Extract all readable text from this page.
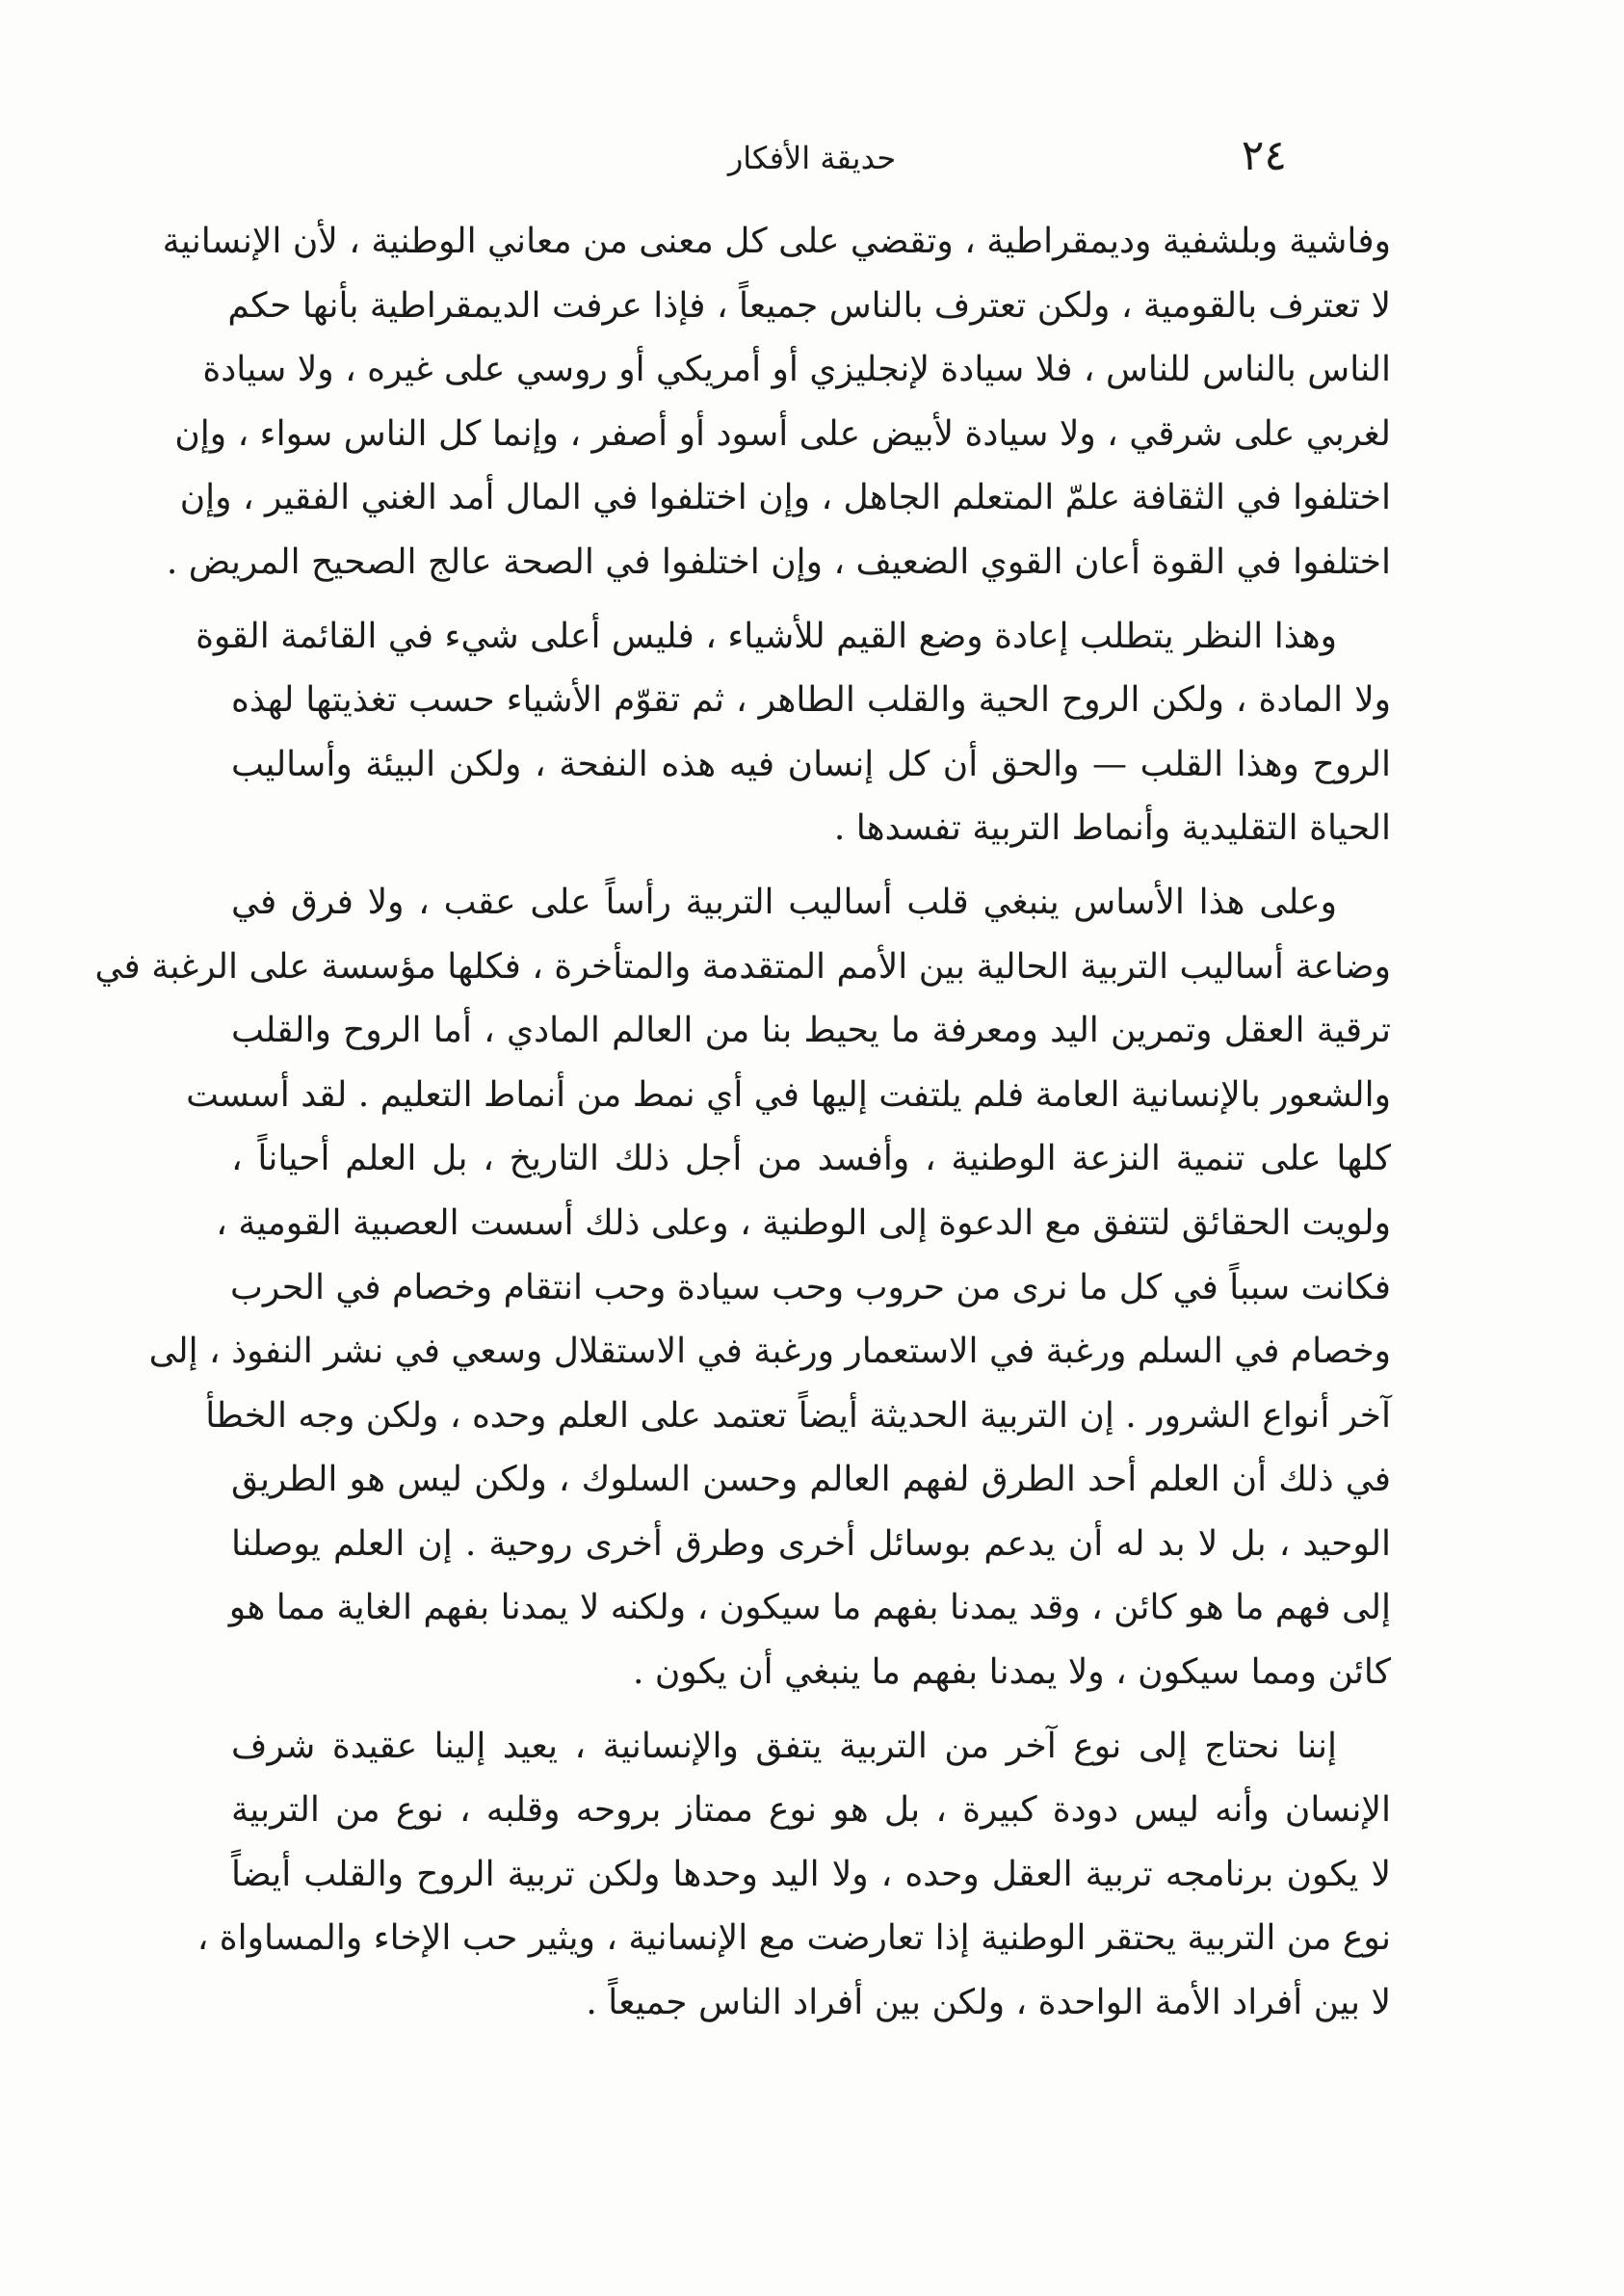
٢٤
حديقة الأفكار

وفاشية وبلشفية وديمقراطية ، وتقضي على كل معنى من معاني الوطنية ، لأن الإنسانية
لا تعترف بالقومية ، ولكن تعترف بالناس جميعاً ، فإذا عرفت الديمقراطية بأنها حكم
الناس بالناس للناس ، فلا سيادة لإنجليزي أو أمريكي أو روسي على غيره ، ولا سيادة
لغربي على شرقي ، ولا سيادة لأبيض على أسود أو أصفر ، وإنما كل الناس سواء ، وإن
اختلفوا في الثقافة علمّ المتعلم الجاهل ، وإن اختلفوا في المال أمد الغني الفقير ، وإن
اختلفوا في القوة أعان القوي الضعيف ، وإن اختلفوا في الصحة عالج الصحيح المريض .

وهذا النظر يتطلب إعادة وضع القيم للأشياء ، فليس أعلى شيء في القائمة القوة
ولا المادة ، ولكن الروح الحية والقلب الطاهر ، ثم تقوّم الأشياء حسب تغذيتها لهذه
الروح وهذا القلب — والحق أن كل إنسان فيه هذه النفحة ، ولكن البيئة وأساليب
الحياة التقليدية وأنماط التربية تفسدها .

وعلى هذا الأساس ينبغي قلب أساليب التربية رأساً على عقب ، ولا فرق في
وضاعة أساليب التربية الحالية بين الأمم المتقدمة والمتأخرة ، فكلها مؤسسة على الرغبة في
ترقية العقل وتمرين اليد ومعرفة ما يحيط بنا من العالم المادي ، أما الروح والقلب
والشعور بالإنسانية العامة فلم يلتفت إليها في أي نمط من أنماط التعليم . لقد أسست
كلها على تنمية النزعة الوطنية ، وأفسد من أجل ذلك التاريخ ، بل العلم أحياناً ،
ولويت الحقائق لتتفق مع الدعوة إلى الوطنية ، وعلى ذلك أسست العصبية القومية ،
فكانت سبباً في كل ما نرى من حروب وحب سيادة وحب انتقام وخصام في الحرب
وخصام في السلم ورغبة في الاستعمار ورغبة في الاستقلال وسعي في نشر النفوذ ، إلى
آخر أنواع الشرور . إن التربية الحديثة أيضاً تعتمد على العلم وحده ، ولكن وجه الخطأ
في ذلك أن العلم أحد الطرق لفهم العالم وحسن السلوك ، ولكن ليس هو الطريق
الوحيد ، بل لا بد له أن يدعم بوسائل أخرى وطرق أخرى روحية . إن العلم يوصلنا
إلى فهم ما هو كائن ، وقد يمدنا بفهم ما سيكون ، ولكنه لا يمدنا بفهم الغاية مما هو
كائن ومما سيكون ، ولا يمدنا بفهم ما ينبغي أن يكون .

إننا نحتاج إلى نوع آخر من التربية يتفق والإنسانية ، يعيد إلينا عقيدة شرف
الإنسان وأنه ليس دودة كبيرة ، بل هو نوع ممتاز بروحه وقلبه ، نوع من التربية
لا يكون برنامجه تربية العقل وحده ، ولا اليد وحدها ولكن تربية الروح والقلب أيضاً
نوع من التربية يحتقر الوطنية إذا تعارضت مع الإنسانية ، ويثير حب الإخاء والمساواة ،
لا بين أفراد الأمة الواحدة ، ولكن بين أفراد الناس جميعاً .
